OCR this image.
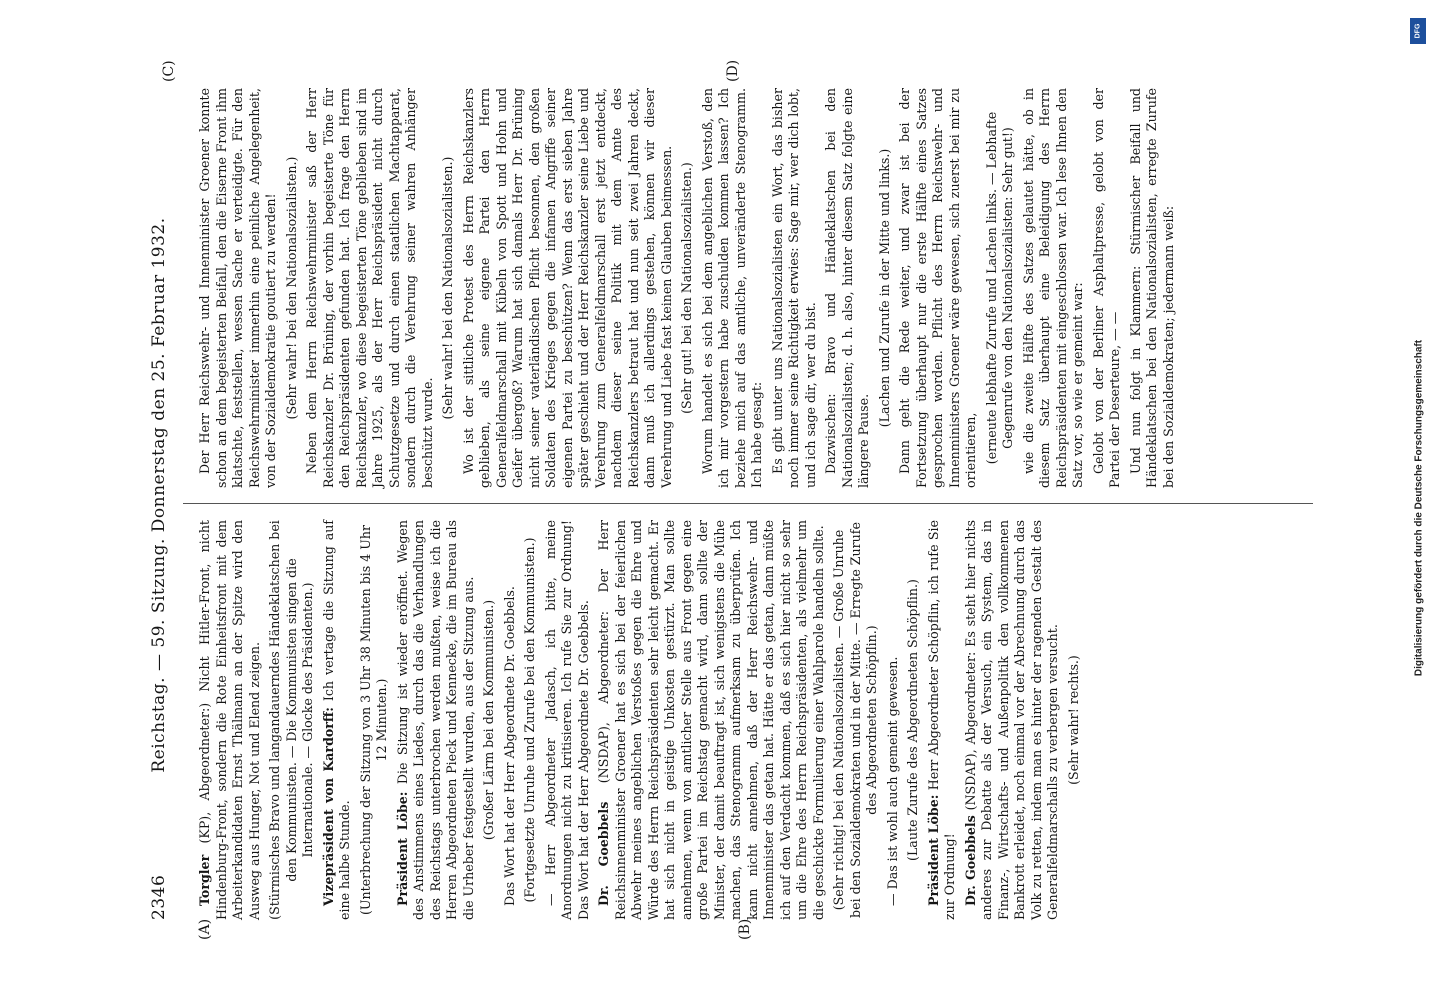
2346
Reichstag. — 59. Sitzung. Donnerstag den 25. Februar 1932.
(A)	(B)
(C)	(D)

Torgler (KP), Abgeordneter:) Nicht Hitler-Front, nicht Hindenburg-Front, sondern die Rote Einheitsfront mit dem Arbeiterkandidaten Ernst Thälmann an der Spitze wird den Ausweg aus Hunger, Not und Elend zeigen. (Stürmisches Bravo und langandauerndes Händeklatschen bei den Kommunisten. — Die Kommunisten singen die Internationale. — Glocke des Präsidenten.) Vizepräsident von Kardorff: Ich vertage die Sitzung auf eine halbe Stunde. (Unterbrechung der Sitzung von 3 Uhr 38 Minuten bis 4 Uhr 12 Minuten.)

Präsident Löbe: Die Sitzung ist wieder eröffnet. Wegen des Anstimmens eines Liedes, durch das die Verhandlungen des Reichstags unterbrochen werden mußten, weise ich die Herren Abgeordneten Pieck und Kennecke, die im Bureau als die Urheber festgestellt wurden, aus der Sitzung aus. (Großer Lärm bei den Kommunisten.) Das Wort hat der Herr Abgeordnete Dr. Goebbels. (Fortgesetzte Unruhe und Zurufe bei den Kommunisten.) — Herr Abgeordneter Jadasch, ich bitte, meine Anordnungen nicht zu kritisieren. Ich rufe Sie zur Ordnung! Das Wort hat der Herr Abgeordnete Dr. Goebbels. Dr. Goebbels (NSDAP), Abgeordneter: Der Herr Reichsinnenminister Groener hat es sich bei der feierlichen Abwehr meines angeblichen Verstoßes gegen die Ehre und Würde des Herrn Reichspräsidenten sehr leicht gemacht. Er hat sich nicht in geistige Unkosten gestürzt. Man sollte annehmen, wenn von amtlicher Stelle aus Front gegen eine große Partei im Reichstag gemacht wird, dann sollte der Minister, der damit beauftragt ist, sich wenigstens die Mühe machen, das Stenogramm aufmerksam zu überprüfen. Ich kann nicht annehmen, daß der Herr Reichswehr- und Innenminister das getan hat. Hätte er das getan, dann müßte ich auf den Verdacht kommen, daß es sich hier nicht so sehr um die Ehre des Herrn Reichspräsidenten, als vielmehr um die geschickte Formulierung einer Wahlparole handeln sollte. (Sehr richtig! bei den Nationalsozialisten. — Große Unruhe bei den Sozialdemokraten und in der Mitte. — Erregte Zurufe des Abgeordneten Schöpflin.) — Das ist wohl auch gemeint gewesen. (Laute Zurufe des Abgeordneten Schöpflin.) Präsident Löbe: Herr Abgeordneter Schöpflin, ich rufe Sie zur Ordnung! Dr. Goebbels (NSDAP), Abgeordneter: Es steht hier nichts anderes zur Debatte als der Versuch, ein System, das in Finanz-, Wirtschafts- und Außenpolitik den vollkommenen Bankrott erleidet, noch einmal vor der Abrechnung durch das Volk zu retten, indem man es hinter der ragenden Gestalt des Generalfeldmarschalls zu verbergen versucht. (Sehr wahr! rechts.)

Der Herr Reichswehr- und Innenminister Groener konnte schon an dem begeisterten Beifall, den die Eiserne Front ihm klatschte, feststellen, wessen Sache er verteidigte. Für den Reichswehrminister immerhin eine peinliche Angelegenheit, von der Sozialdemokratie goutiert zu werden! (Sehr wahr! bei den Nationalsozialisten.) Neben dem Herrn Reichswehrminister saß der Herr Reichskanzler Dr. Brüning, der vorhin begeisterte Töne für den Reichspräsidenten gefunden hat. Ich frage den Herrn Reichskanzler, wo diese begeisterten Töne geblieben sind im Jahre 1925, als der Herr Reichspräsident nicht durch Schutzgesetze und durch einen staatlichen Machtapparat, sondern durch die Verehrung seiner wahren Anhänger beschützt wurde.

(Sehr wahr! bei den Nationalsozialisten.) Wo ist der sittliche Protest des Herrn Reichskanzlers geblieben, als seine eigene Partei den Herrn Generalfeldmarschall mit Kübeln von Spott und Hohn und Geifer übergoß? Warum hat sich damals Herr Dr. Brüning nicht seiner vaterländischen Pflicht besonnen, den großen Soldaten des Krieges gegen die infamen Angriffe seiner eigenen Partei zu beschützen? Wenn das erst sieben Jahre später geschieht und der Herr Reichskanzler seine Liebe und Verehrung zum Generalfeldmarschall erst jetzt entdeckt, nachdem dieser seine Politik mit dem Amte des Reichskanzlers betraut hat und nun seit zwei Jahren deckt, dann muß ich allerdings gestehen, können wir dieser Verehrung und Liebe fast keinen Glauben beimessen. (Sehr gut! bei den Nationalsozialisten.) Worum handelt es sich bei dem angeblichen Verstoß, den ich mir vorgestern habe zuschulden kommen lassen? Ich beziehe mich auf das amtliche, unveränderte Stenogramm. Ich habe gesagt: Es gibt unter uns Nationalsozialisten ein Wort, das bisher noch immer seine Richtigkeit erwies: Sage mir, wer dich lobt, und ich sage dir, wer du bist. Dazwischen: Bravo und Händeklatschen bei den Nationalsozialisten; d. h. also, hinter diesem Satz folgte eine längere Pause.

(Lachen und Zurufe in der Mitte und links.) Dann geht die Rede weiter, und zwar ist bei der Fortsetzung überhaupt nur die erste Hälfte eines Satzes gesprochen worden. Pflicht des Herrn Reichswehr- und Innenministers Groener wäre gewesen, sich zuerst bei mir zu orientieren, (erneute lebhafte Zurufe und Lachen links. — Lebhafte Gegenrufe von den Nationalsozialisten: Sehr gut!) wie die zweite Hälfte des Satzes gelautet hätte, ob in diesem Satz überhaupt eine Beleidigung des Herrn Reichspräsidenten mit eingeschlossen war. Ich lese Ihnen den Satz vor, so wie er gemeint war: Gelobt von der Berliner Asphaltpresse, gelobt von der Partei der Deserteure, — — Und nun folgt in Klammern: Stürmischer Beifall und Händeklatschen bei den Nationalsozialisten, erregte Zurufe bei den Sozialdemokraten; jedermann weiß:

DFG
Digitalisierung gefördert durch die Deutsche Forschungsgemeinschaft
